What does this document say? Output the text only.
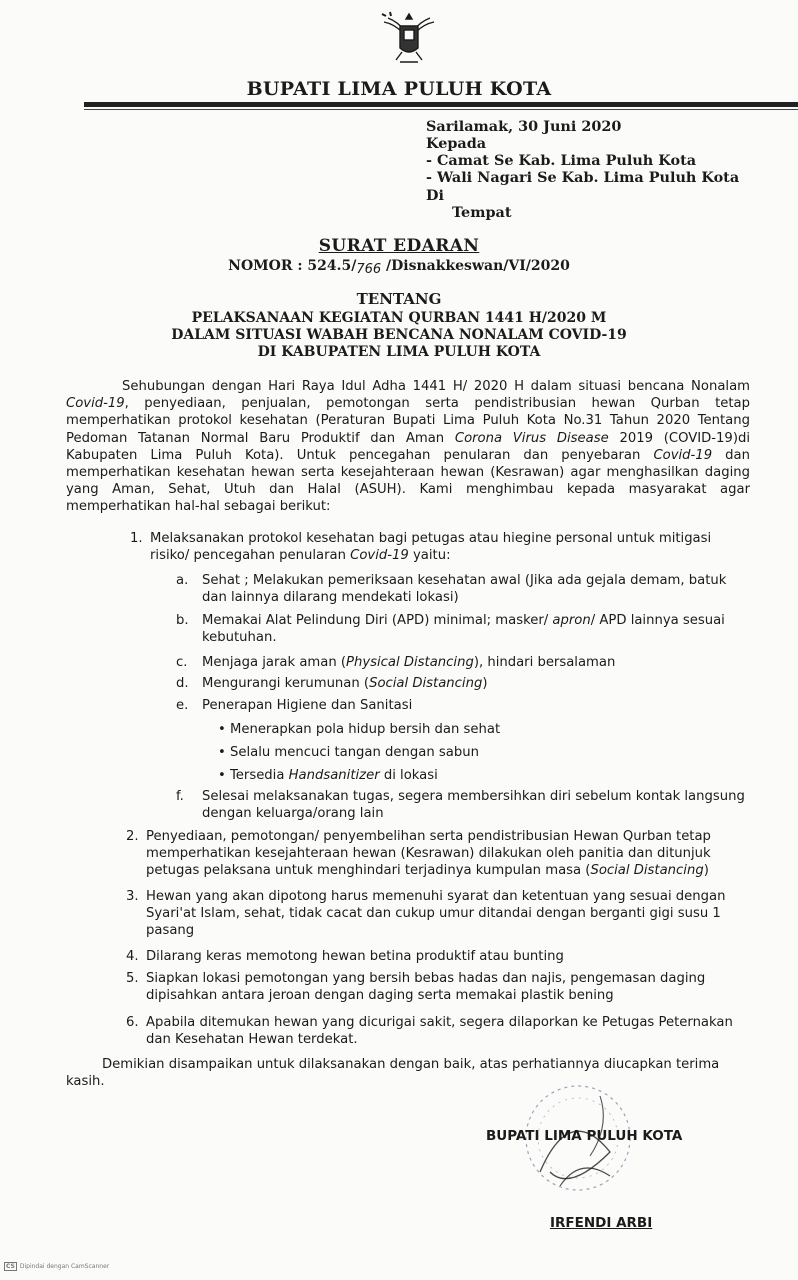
BUPATI LIMA PULUH KOTA
Sarilamak, 30 Juni 2020
Kepada
- Camat Se Kab. Lima Puluh Kota
- Wali Nagari Se Kab. Lima Puluh Kota
Di
Tempat
SURAT EDARAN
NOMOR : 524.5/766 /Disnakkeswan/VI/2020
TENTANG
PELAKSANAAN KEGIATAN QURBAN 1441 H/2020 M
DALAM SITUASI WABAH BENCANA NONALAM COVID-19
DI KABUPATEN LIMA PULUH KOTA
Sehubungan dengan Hari Raya Idul Adha 1441 H/ 2020 H dalam situasi bencana Nonalam Covid-19, penyediaan, penjualan, pemotongan serta pendistribusian hewan Qurban tetap memperhatikan protokol kesehatan (Peraturan Bupati Lima Puluh Kota No.31 Tahun 2020 Tentang Pedoman Tatanan Normal Baru Produktif dan Aman Corona Virus Disease 2019 (COVID-19)di Kabupaten Lima Puluh Kota). Untuk pencegahan penularan dan penyebaran Covid-19 dan memperhatikan kesehatan hewan serta kesejahteraan hewan (Kesrawan) agar menghasilkan daging yang Aman, Sehat, Utuh dan Halal (ASUH). Kami menghimbau kepada masyarakat agar memperhatikan hal-hal sebagai berikut:
1. Melaksanakan protokol kesehatan bagi petugas atau hiegine personal untuk mitigasi risiko/ pencegahan penularan Covid-19 yaitu:
a. Sehat ; Melakukan pemeriksaan kesehatan awal (Jika ada gejala demam, batuk dan lainnya dilarang mendekati lokasi)
b. Memakai Alat Pelindung Diri (APD) minimal; masker/ apron/ APD lainnya sesuai kebutuhan.
c. Menjaga jarak aman (Physical Distancing), hindari bersalaman
d. Mengurangi kerumunan (Social Distancing)
e. Penerapan Higiene dan Sanitasi
• Menerapkan pola hidup bersih dan sehat
• Selalu mencuci tangan dengan sabun
• Tersedia Handsanitizer di lokasi
f. Selesai melaksanakan tugas, segera membersihkan diri sebelum kontak langsung dengan keluarga/orang lain
2. Penyediaan, pemotongan/ penyembelihan serta pendistribusian Hewan Qurban tetap memperhatikan kesejahteraan hewan (Kesrawan) dilakukan oleh panitia dan ditunjuk petugas pelaksana untuk menghindari terjadinya kumpulan masa (Social Distancing)
3. Hewan yang akan dipotong harus memenuhi syarat dan ketentuan yang sesuai dengan Syari'at Islam, sehat, tidak cacat dan cukup umur ditandai dengan berganti gigi susu 1 pasang
4. Dilarang keras memotong hewan betina produktif atau bunting
5. Siapkan lokasi pemotongan yang bersih bebas hadas dan najis, pengemasan daging dipisahkan antara jeroan dengan daging serta memakai plastik bening
6. Apabila ditemukan hewan yang dicurigai sakit, segera dilaporkan ke Petugas Peternakan dan Kesehatan Hewan terdekat.
Demikian disampaikan untuk dilaksanakan dengan baik, atas perhatiannya diucapkan terima kasih.
BUPATI LIMA PULUH KOTA
IRFENDI ARBI
CS Dipindai dengan CamScanner
